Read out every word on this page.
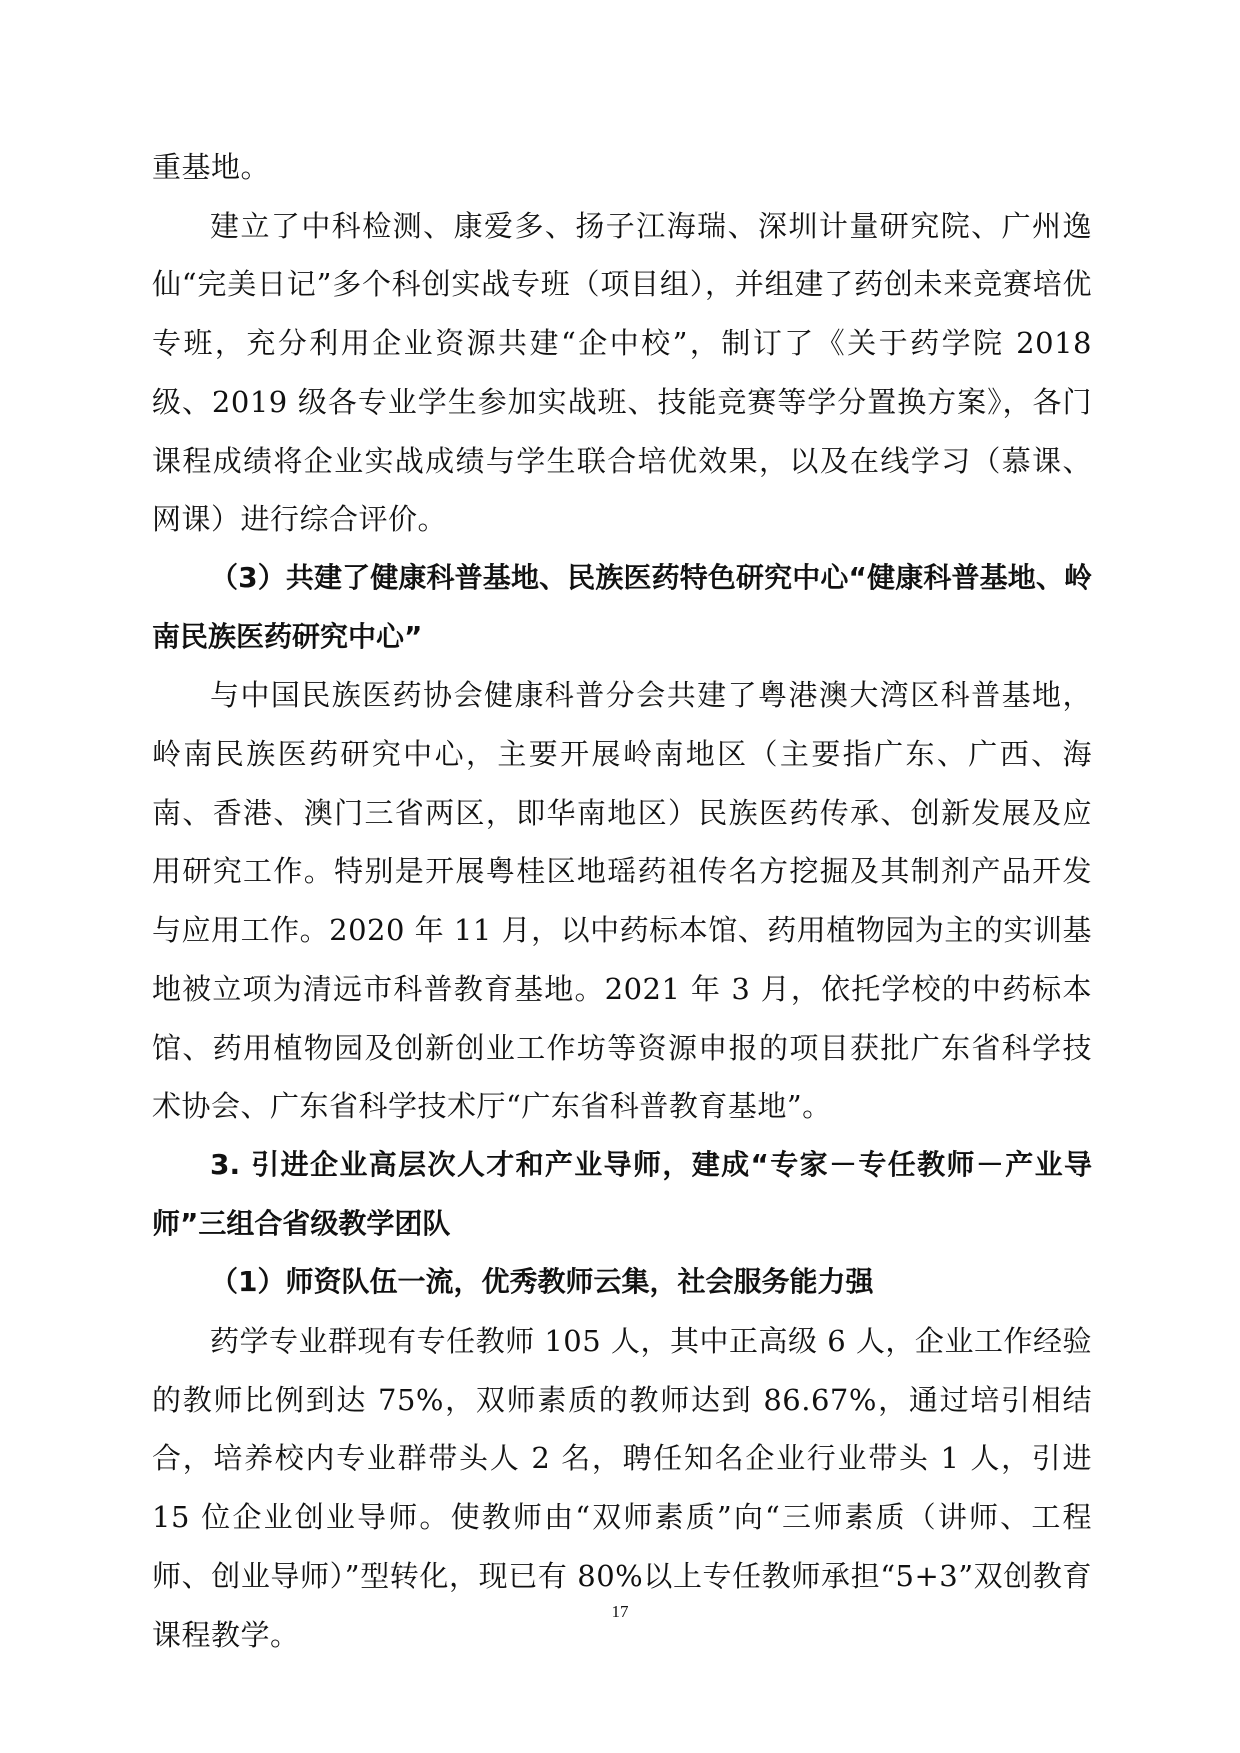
重基地。

建立了中科检测、康爱多、扬子江海瑞、深圳计量研究院、广州逸仙“完美日记”多个科创实战专班（项目组），并组建了药创未来竞赛培优专班，充分利用企业资源共建“企中校”，制订了《关于药学院 2018 级、2019 级各专业学生参加实战班、技能竞赛等学分置换方案》，各门课程成绩将企业实战成绩与学生联合培优效果，以及在线学习（慕课、网课）进行综合评价。

（3）共建了健康科普基地、民族医药特色研究中心“健康科普基地、岭南民族医药研究中心”

与中国民族医药协会健康科普分会共建了粤港澳大湾区科普基地，岭南民族医药研究中心，主要开展岭南地区（主要指广东、广西、海南、香港、澳门三省两区，即华南地区）民族医药传承、创新发展及应用研究工作。特别是开展粤桂区地瑶药祖传名方挖掘及其制剂产品开发与应用工作。2020 年 11 月，以中药标本馆、药用植物园为主的实训基地被立项为清远市科普教育基地。2021 年 3 月，依托学校的中药标本馆、药用植物园及创新创业工作坊等资源申报的项目获批广东省科学技术协会、广东省科学技术厅“广东省科普教育基地”。

3. 引进企业高层次人才和产业导师，建成“专家－专任教师－产业导师”三组合省级教学团队

（1）师资队伍一流，优秀教师云集，社会服务能力强

药学专业群现有专任教师 105 人，其中正高级 6 人，企业工作经验的教师比例到达 75%，双师素质的教师达到 86.67%，通过培引相结合，培养校内专业群带头人 2 名，聘任知名企业行业带头 1 人，引进 15 位企业创业导师。使教师由“双师素质”向“三师素质（讲师、工程师、创业导师）”型转化，现已有 80%以上专任教师承担“5+3”双创教育课程教学。

17
